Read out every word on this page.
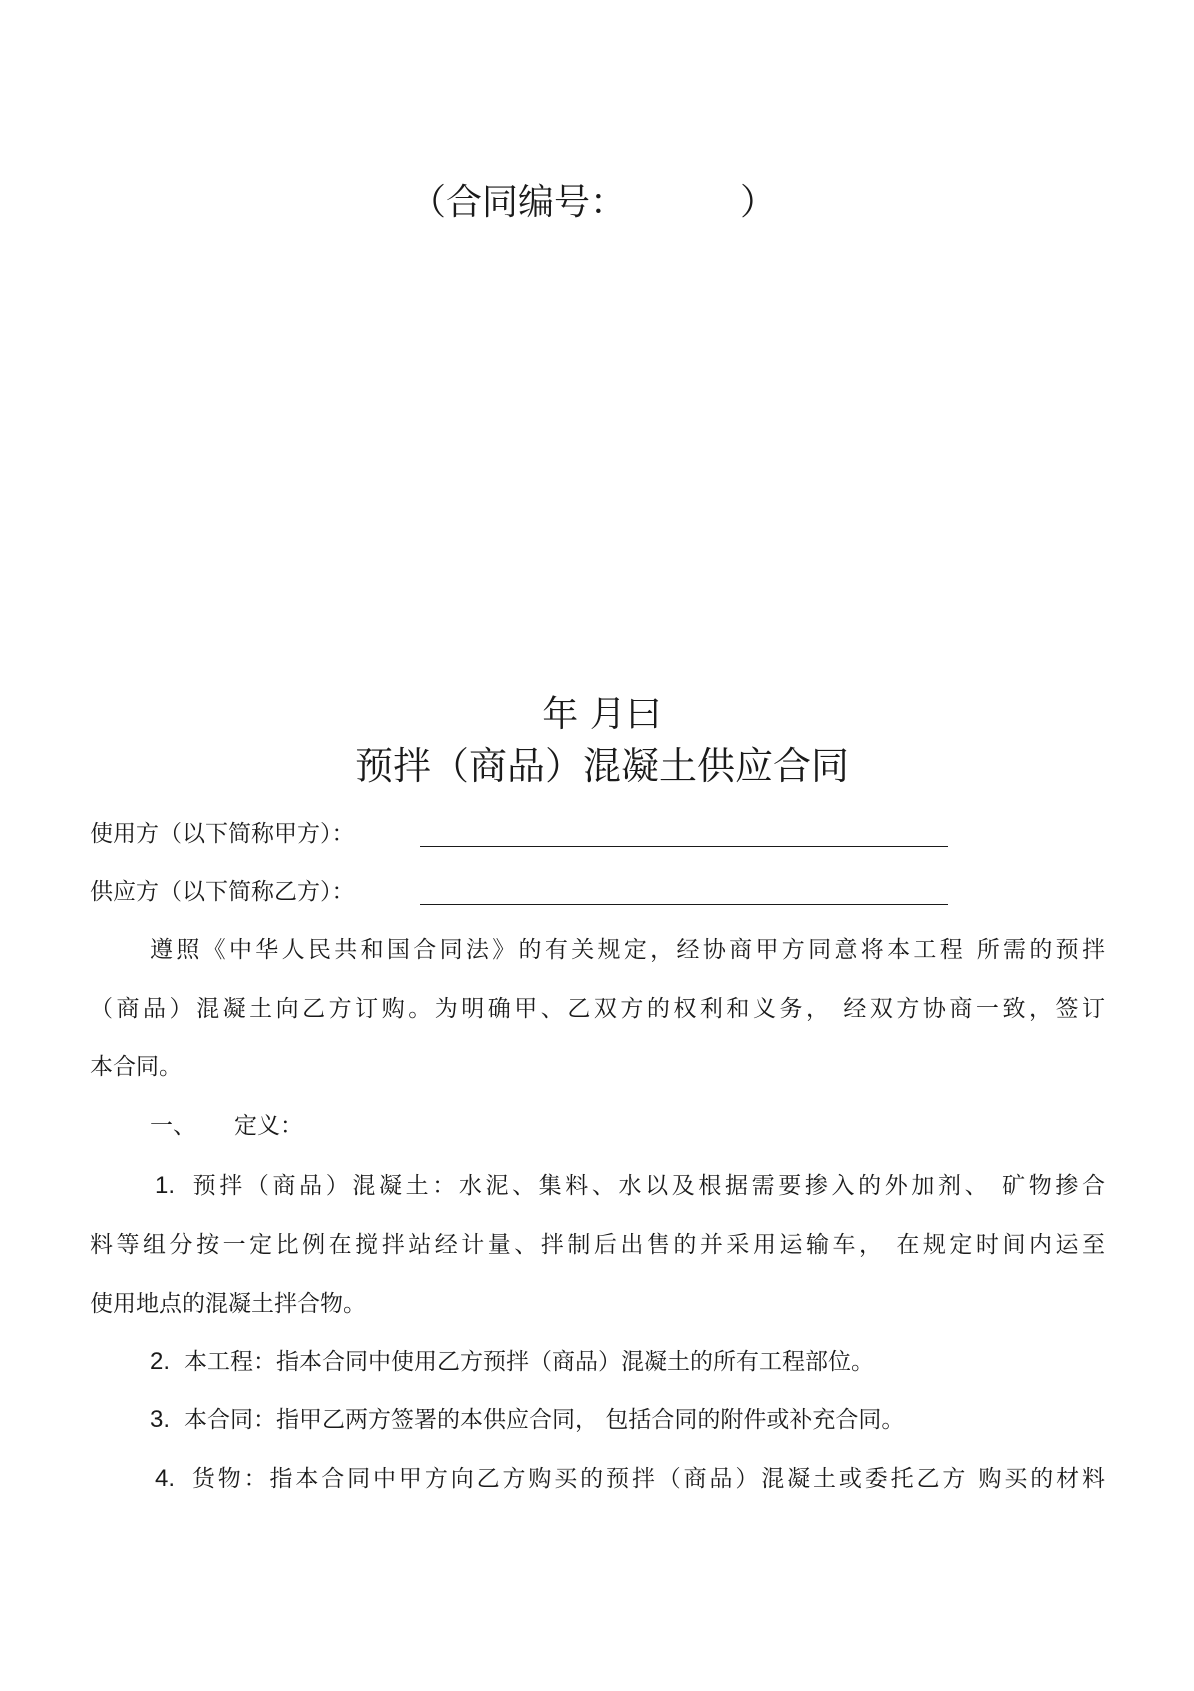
（ 合同编号：	）
年 月曰
预拌（商品）混凝土供应合同
使用方（以下简称甲方）：
供应方（以下简称乙方）：
遵照《中华人民共和国合同法》的有关规定，经协商甲方同意将本工程 所需的预拌
（商品）混凝土向乙方订购。为明确甲、乙双方的权利和义务， 经双方协商一致，签订
本合同。
一、 定义：
1. 预拌（商品）混凝土：水泥、集料、水以及根据需要掺入的外加剂、 矿物掺合
料等组分按一定比例在搅拌站经计量、拌制后出售的并采用运输车， 在规定时间内运至
使用地点的混凝土拌合物。
2. 本工程：指本合同中使用乙方预拌（商品）混凝土的所有工程部位。
3. 本合同：指甲乙两方签署的本供应合同， 包括合同的附件或补充合同。
4. 货物：指本合同中甲方向乙方购买的预拌（商品）混凝土或委托乙方 购买的材料
